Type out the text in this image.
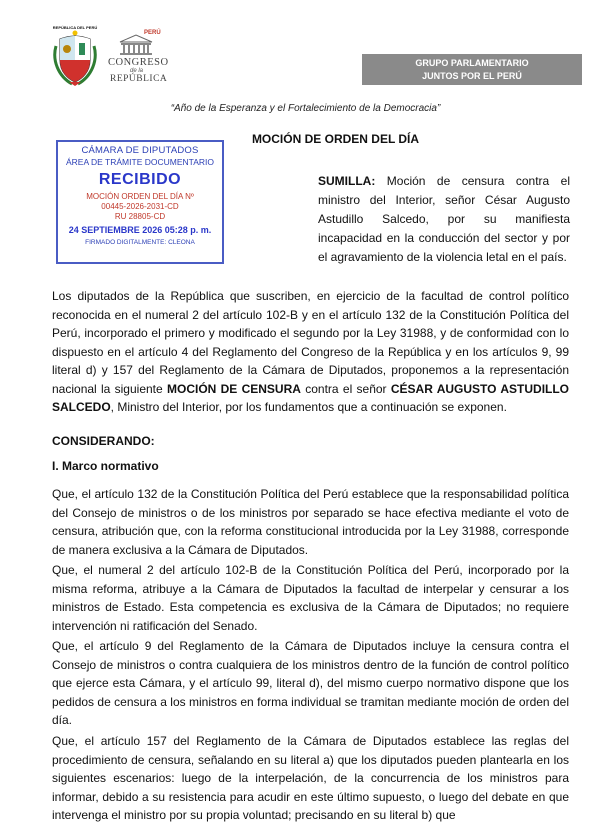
REPÚBLICA DEL PERÚ
PERÚ
CONGRESO
de la
REPÚBLICA
GRUPO PARLAMENTARIO
JUNTOS POR EL PERÚ
“Año de la Esperanza y el Fortalecimiento de la Democracia”
MOCIÓN DE ORDEN DEL DÍA
CÁMARA DE DIPUTADOS
ÁREA DE TRÁMITE DOCUMENTARIO
RECIBIDO
MOCIÓN ORDEN DEL DÍA Nº
00445-2026-2031-CD
RU 28805-CD
24 SEPTIEMBRE 2026 05:28 p. m.
FIRMADO DIGITALMENTE: CLEONA
SUMILLA: Moción de censura contra el ministro del Interior, señor César Augusto Astudillo Salcedo, por su manifiesta incapacidad en la conducción del sector y por el agravamiento de la violencia letal en el país.
Los diputados de la República que suscriben, en ejercicio de la facultad de control político reconocida en el numeral 2 del artículo 102-B y en el artículo 132 de la Constitución Política del Perú, incorporado el primero y modificado el segundo por la Ley 31988, y de conformidad con lo dispuesto en el artículo 4 del Reglamento del Congreso de la República y en los artículos 9, 99 literal d) y 157 del Reglamento de la Cámara de Diputados, proponemos a la representación nacional la siguiente MOCIÓN DE CENSURA contra el señor CÉSAR AUGUSTO ASTUDILLO SALCEDO, Ministro del Interior, por los fundamentos que a continuación se exponen.
CONSIDERANDO:
I. Marco normativo
Que, el artículo 132 de la Constitución Política del Perú establece que la responsabilidad política del Consejo de ministros o de los ministros por separado se hace efectiva mediante el voto de censura, atribución que, con la reforma constitucional introducida por la Ley 31988, corresponde de manera exclusiva a la Cámara de Diputados.
Que, el numeral 2 del artículo 102-B de la Constitución Política del Perú, incorporado por la misma reforma, atribuye a la Cámara de Diputados la facultad de interpelar y censurar a los ministros de Estado. Esta competencia es exclusiva de la Cámara de Diputados; no requiere intervención ni ratificación del Senado.
Que, el artículo 9 del Reglamento de la Cámara de Diputados incluye la censura contra el Consejo de ministros o contra cualquiera de los ministros dentro de la función de control político que ejerce esta Cámara, y el artículo 99, literal d), del mismo cuerpo normativo dispone que los pedidos de censura a los ministros en forma individual se tramitan mediante moción de orden del día.
Que, el artículo 157 del Reglamento de la Cámara de Diputados establece las reglas del procedimiento de censura, señalando en su literal a) que los diputados pueden plantearla en los siguientes escenarios: luego de la interpelación, de la concurrencia de los ministros para informar, debido a su resistencia para acudir en este último supuesto, o luego del debate en que intervenga el ministro por su propia voluntad; precisando en su literal b) que
